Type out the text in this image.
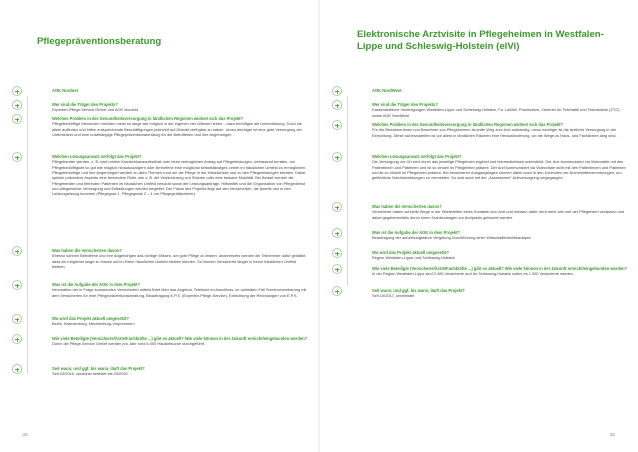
Pflegepräventionsberatung
AOK Nordost
Wer sind die Träger des Projekts?
Experten-Pflege-Service GmbH und AOK Nordost
Welches Problem in der Gesundheitsversorgung in ländlichen Regionen widmet sich das Projekt?
Pflegebedürftige Menschen möchten meist so lange wie möglich in der eigenen vier Wänden leben – dazu benötigen sie Unterstützung. Doch sie allein auffinden und bitten entsprechende Beschäftigungen jederzeit auf Überall verfügbar zu haben. Umso wichtiger ist eine gute Versorgung der Unterstützer und eine unabhängige Pflegepräventionsberatung für die Betroffenen und ihre Angehörigen.
Welchen Lösungsansatz verfolgt das Projekt?
Pflegeberater werden, z. B. nach einem Krankenhausaufenthalt oder beim vertraglichen Antrag auf Pflegeleistungen, umfassend beraten, um Pflegebedürftigkeit so gut wie möglich hinauszuzögern oder Betroffene eine möglichst selbstständiges Leben im häuslichen Umfeld zu ermöglichen. Pflegebedürftige und ihre Angehörigen werden zu allen Themen rund um die Pflege in der Häuslichkeit und zu den Pflegeleistungen beraten. Dabei spielen präventive Aspekte eine besondere Rolle, wie z. B. die Verhinderung von Stürzen oder eine bessere Mobilität. Bei Bedarf werden die Pflegeberater und betreuten Patienten im häuslichen Umfeld besucht sowie die Leistungsanträge, Hilfsmittel und die Organisation von Pflegedienst und pflegerischer Versorgung und Entlastungen werden begleitet. Der Fokus des Projekts liegt auf den Versicherten, die jeweils neu in den Leistungsbezug kommen (Pflegegrad 1, Pflegegrade 2 – 4 nur Pflegegeldbezieher).
Was haben die Versicherten davon?
Ebenso können Betroffene und ihre Angehörigen das richtige Wissen, um gute Pflege zu leisten, andererseits werden die Teilnehmer dafür gestärkt, dass sie möglichst lange zu Hause und in ihrem häuslichen Umfeld bleiben können. So können Versicherte länger in ihrem häuslichen Umfeld bleiben.
Was ist die Aufgabe der AOK in dem Projekt?
Information der in Frage kommenden Versicherten mittels Brief über das Angebot, Telefonie im Anschluss, im optimalen Fall Terminvereinbarung mit dem Versicherten für eine Pflegepräventionsberatung, Beauftragung E.P.S. (Experten-Pflege-Service), Entrichtung der Rechnungen von E.P.S.
Wo wird das Projekt aktuell umgesetzt?
Berlin, Brandenburg, Mecklenburg-Vorpommern
Wie viele Beteiligte (Versicherte/Ärzte/Fachkräfte ...) gibt es aktuell? Wie viele können in der Zukunft erreicht/eingebunden werden?
Durch die Pflege-Service GmbH werden pro Jahr rund 6.000 Hausbesuche durchgeführt.
Seit wann, und ggf. bis wann, läuft das Projekt?
Seit 03/2016, zunächst befristet bis 03/2020
22
Elektronische Arztvisite in Pflegeheimen in Westfalen-Lippe und Schleswig-Holstein (elVi)
AOK NordWest
Wer sind die Träger des Projekts?
Kassenärztliche Vereinigungen Westfalen-Lippe und Schleswig-Holstein, Fa. LaWell, Praxisnetze, Zentrum für Telematik und Telemedizin (ZTG) sowie AOK NordWest
Welches Problem in der Gesundheitsversorgung in ländlichen Regionen widmet sich das Projekt?
Für die Bewohnerinnen und Bewohner von Pflegeheimen ist jeder Weg zum Arzt aufwendig, umso wichtiger ist die ärztliche Versorgung in der Einrichtung. Diese sicherzustellen ist vor allem in ländlichen Räumen eine Herausforderung, wo die Wege zu Haus- und Fachärzten lang sind.
Welchen Lösungsansatz verfolgt das Projekt?
Die Versorgung vor Ort wird durch das jeweilige Pflegeheim ergänzt und telemedizinisch unterstützt. Der Arzt kommuniziert via Videovisite mit den Patientinnen und Patienten und ist so virtuell im Pflegeheim präsent. Der Arzt kommuniziert via Videovisite nicht mit den Patientinnen und Patienten und ist so virtuell im Pflegeheim präsent. Bei besonderen Ausgangslagen können dabei auch in den Kontrollen der Arzneimittelverordnungen, um gefährliche Wechselwirkungen zu vermeiden. So wird auch mit der „Assessment“ Arztversorgung umgegangen.
Was haben die Versicherten davon?
Versicherte haben schnelle Wege in der Wartezeiten eines Kontakts zum Arzt und müssen dafür nicht mehr wie dort der Pflegeheim verlassen und dabei gegebenenfalls durch einen Krankenwagen zur Arztpraxis gebracht werden.
Was ist die Aufgabe der AOK in dem Projekt?
Beantragung der außerbudgetären Vergütung Durchführung einer Wirtschaftlichkeitsanalyse
Wo wird das Projekt aktuell umgesetzt?
Region Westfalen-Lippe und Schleswig-Holstein
Wie viele Beteiligte (Versicherte/Ärzte/Fachkräfte ...) gibt es aktuell? Wie viele können in der Zukunft erreicht/eingebunden werden?
In der Region Westfalen-Lippe sind 2.469 Versicherte und für Schleswig-Holstein sollen es 1.000 Versicherte werden.
Seit wann, und ggf. bis wann, läuft das Projekt?
Seit 10/2017, unbefristet
23
